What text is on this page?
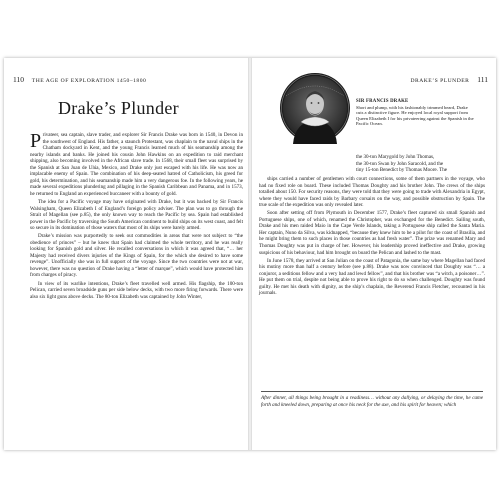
110 THE AGE OF EXPLORATION 1450–1800
Drake’s Plunder

Privateer, sea captain, slave trader, and explorer Sir Francis Drake was born in 1540, in Devon in the southwest of England. His father, a staunch Protestant, was chaplain to the naval ships in the Chatham dockyard in Kent, and the young Francis learned much of his seamanship among the nearby islands and banks. He joined his cousin John Hawkins on an expedition to raid merchant shipping, also becoming involved in the African slave trade. In 1568, their small fleet was surprised by the Spanish at San Juan de Ulúa, Mexico, and Drake only just escaped with his life. He was now an implacable enemy of Spain. The combination of his deep-seated hatred of Catholicism, his greed for gold, his determination, and his seamanship made him a very dangerous foe. In the following years, he made several expeditions plundering and pillaging in the Spanish Caribbean and Panama, and in 1573, he returned to England an experienced buccaneer with a bounty of gold.

The idea for a Pacific voyage may have originated with Drake, but it was backed by Sir Francis Walsingham, Queen Elizabeth I of England’s foreign policy adviser. The plan was to go through the Strait of Magellan (see p.85), the only known way to reach the Pacific by sea. Spain had established power in the Pacific by traversing the South American continent to build ships on its west coast, and felt so secure in its domination of those waters that most of its ships were barely armed.

Drake’s mission was purportedly to seek out commodities in areas that were not subject to “the obedience of princes” – but he knew that Spain had claimed the whole territory, and he was really looking for Spanish gold and silver. He recalled conversations in which it was agreed that, “… her Majesty had received divers injuries of the Kings of Spain, for the which she desired to have some revenge”. Unofficially she was in full support of the voyage. Since the two countries were not at war, however, there was no question of Drake having a “letter of marque”, which would have protected him from charges of piracy.

In view of its warlike intentions, Drake’s fleet travelled well armed. His flagship, the 100-ton Pelican, carried seven broadside guns per side below decks, with two more firing forwards. There were also six light guns above decks. The 80-ton Elizabeth was captained by John Winter,

DRAKE’S PLUNDER 111
SIR FRANCIS DRAKE
Short and plump, with his fashionably trimmed beard, Drake cuts a distinctive figure. He enjoyed local royal support from Queen Elizabeth I for his privateering against the Spanish in the Pacific Ocean.

the 30-ton Marygold by John Thomas,

the 30-ton Swan by John Saracold, and the

tiny 15-ton Benedict by Thomas Moore. The

ships carried a number of gentlemen with court connections, some of them partners in the voyage, who had no fixed role on board. These included Thomas Doughty and his brother John. The crews of the ships totalled about 150. For security reasons, they were told that they were going to trade with Alexandria in Egypt, where they would have faced raids by Barbary corsairs on the way, and possible obstruction by Spain. The true scale of the expedition was only revealed later.

Soon after setting off from Plymouth in December 1577, Drake’s fleet captured six small Spanish and Portuguese ships, one of which, renamed the Christopher, was exchanged for the Benedict. Sailing south, Drake and his men raided Maio in the Cape Verde Islands, taking a Portuguese ship called the Santa Maria. Her captain, Nuno da Silva, was kidnapped, “because they knew him to be a pilot for the coast of Brasilia, and he might bring them to such places in those countries as had fresh water”. The prize was renamed Mary and Thomas Doughty was put in charge of her. However, his leadership proved ineffective and Drake, growing suspicious of his behaviour, had him brought on board the Pelican and lashed to the mast.

In June 1578, they arrived at San Julian on the coast of Patagonia, the same bay where Magellan had faced his mutiny more than half a century before (see p.88). Drake was now convinced that Doughty was “… a conjuror, a seditious fellow and a very bad and lewd fellow”, and that his brother was “a witch, a poisoner…”. He put them on trial, despite not being able to prove his right to do so when challenged. Doughty was found guilty. He met his death with dignity, as the ship’s chaplain, the Reverend Francis Fletcher, recounted in his journals.

After dinner, all things being brought in a readiness… without any dallying, or delaying the time, he came forth and kneeled down, preparing at once his neck for the axe, and his spirit for heaven; which
